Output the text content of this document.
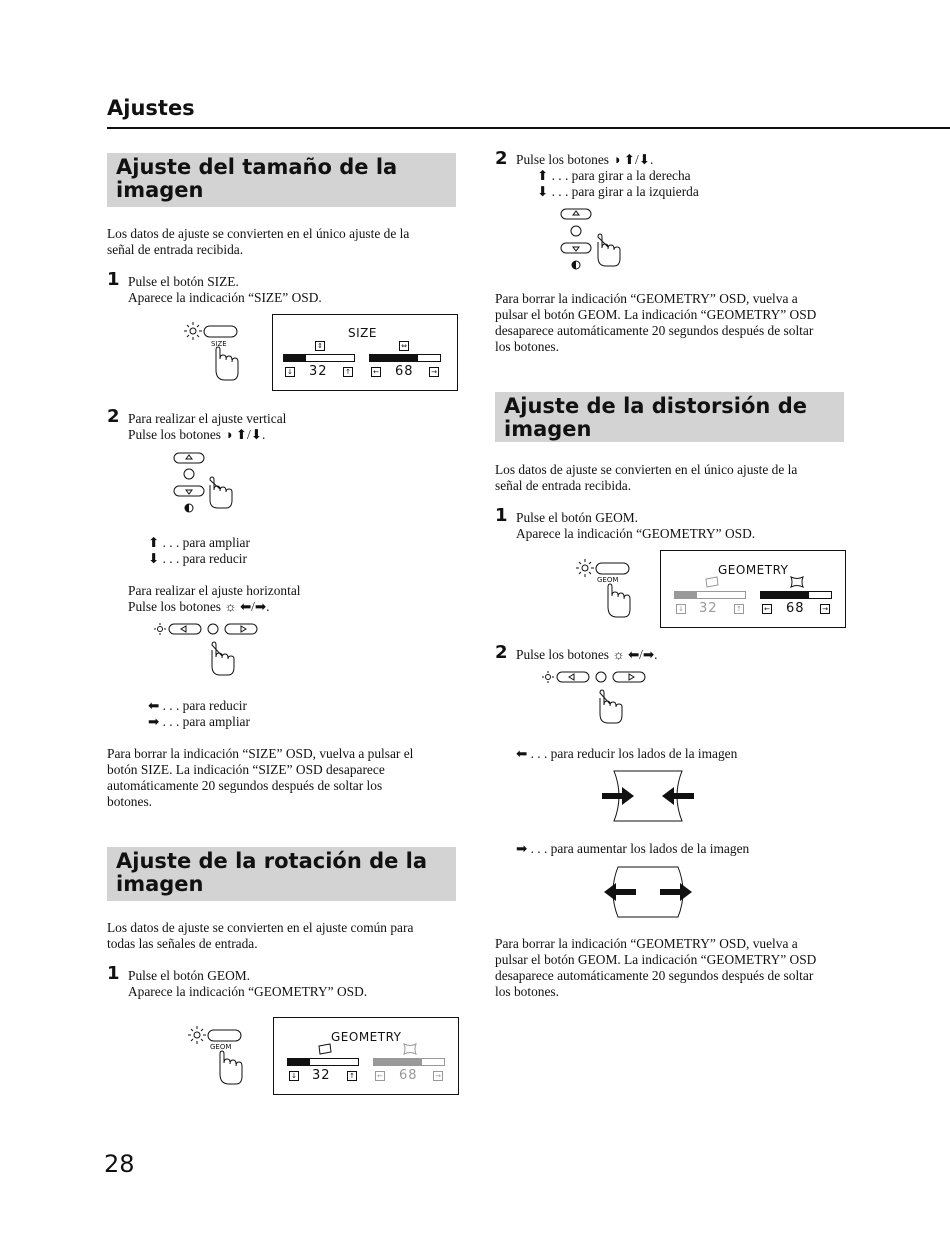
Ajustes
Ajuste del tamaño de la
imagen
Los datos de ajuste se convierten en el único ajuste de la
señal de entrada recibida.
1 Pulse el botón SIZE.
Aparece la indicación “SIZE” OSD.
SIZE
SIZE
⇕	⇔
↓ 32	↑	← 68	→
2 Para realizar el ajuste vertical
Pulse los botones ◑ ⬆/⬇.
⬆ . . . para ampliar
⬇ . . . para reducir
Para realizar el ajuste horizontal
Pulse los botones ☼ ⬅/➡.
⬅ . . . para reducir
➡ . . . para ampliar
Para borrar la indicación “SIZE” OSD, vuelva a pulsar el
botón SIZE. La indicación “SIZE” OSD desaparece
automáticamente 20 segundos después de soltar los
botones.
Ajuste de la rotación de la
imagen
Los datos de ajuste se convierten en el ajuste común para
todas las señales de entrada.
1 Pulse el botón GEOM.
Aparece la indicación “GEOMETRY” OSD.
GEOM
GEOMETRY
↓ 32	↑	← 68	→
2 Pulse los botones ◑ ⬆/⬇.
⬆ . . . para girar a la derecha
⬇ . . . para girar a la izquierda
Para borrar la indicación “GEOMETRY” OSD, vuelva a
pulsar el botón GEOM. La indicación “GEOMETRY” OSD
desaparece automáticamente 20 segundos después de soltar
los botones.
Ajuste de la distorsión de
imagen
Los datos de ajuste se convierten en el único ajuste de la
señal de entrada recibida.
1 Pulse el botón GEOM.
Aparece la indicación “GEOMETRY” OSD.
GEOM
GEOMETRY
↓ 32	↑	← 68	→
2 Pulse los botones ☼ ⬅/➡.
⬅ . . . para reducir los lados de la imagen
➡ . . . para aumentar los lados de la imagen
Para borrar la indicación “GEOMETRY” OSD, vuelva a
pulsar el botón GEOM. La indicación “GEOMETRY” OSD
desaparece automáticamente 20 segundos después de soltar
los botones.
28
